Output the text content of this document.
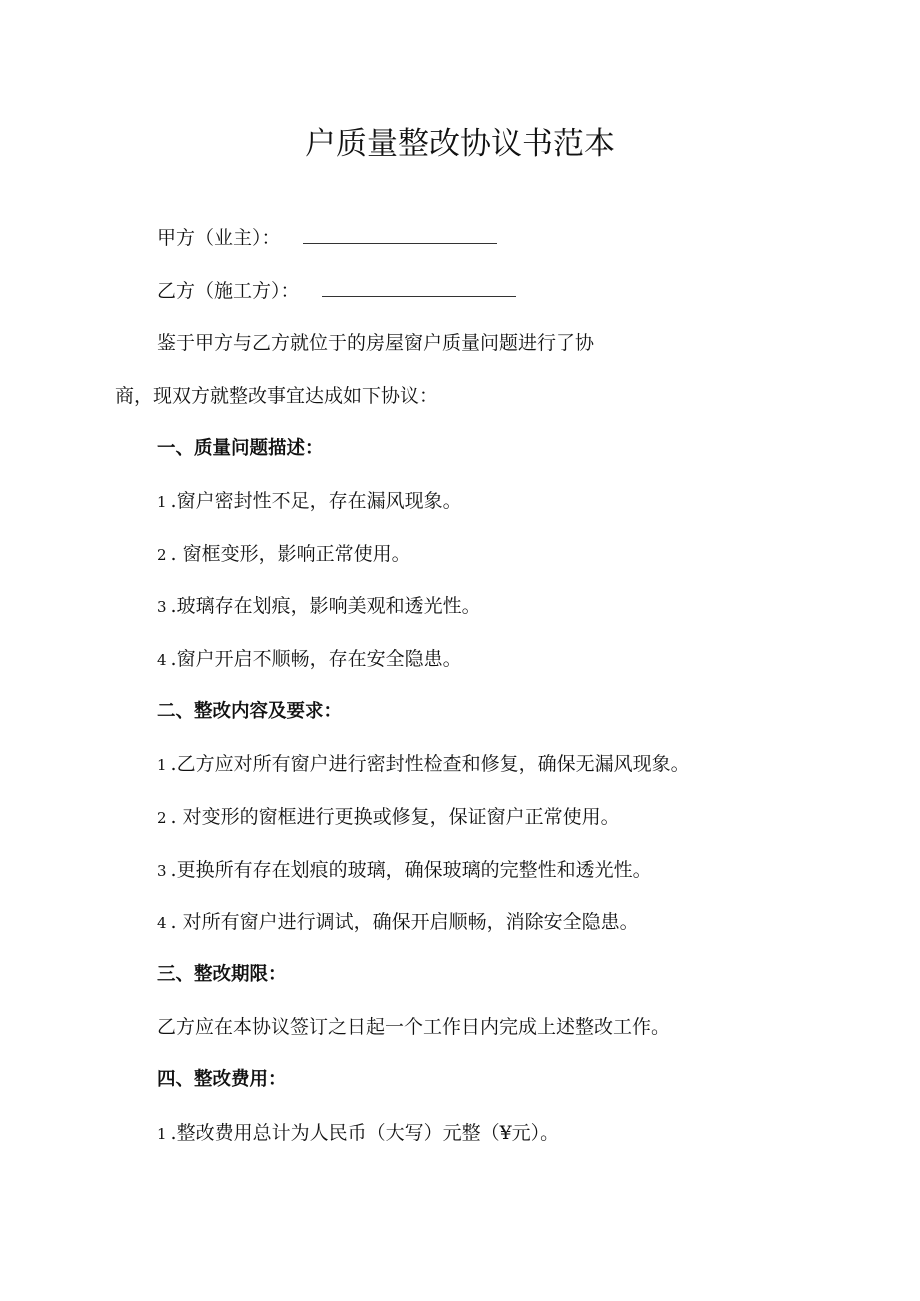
户质量整改协议书范本
甲方（业主）：
乙方（施工方）：
鉴于甲方与乙方就位于的房屋窗户质量问题进行了协
商，现双方就整改事宜达成如下协议：
一、质量问题描述：
1 .窗户密封性不足，存在漏风现象。
2 . 窗框变形，影响正常使用。
3 .玻璃存在划痕，影响美观和透光性。
4 .窗户开启不顺畅，存在安全隐患。
二、整改内容及要求：
1 .乙方应对所有窗户进行密封性检查和修复，确保无漏风现象。
2 . 对变形的窗框进行更换或修复，保证窗户正常使用。
3 .更换所有存在划痕的玻璃，确保玻璃的完整性和透光性。
4 . 对所有窗户进行调试，确保开启顺畅，消除安全隐患。
三、整改期限：
乙方应在本协议签订之日起一个工作日内完成上述整改工作。
四、整改费用：
1 .整改费用总计为人民币（大写）元整（¥元）。
